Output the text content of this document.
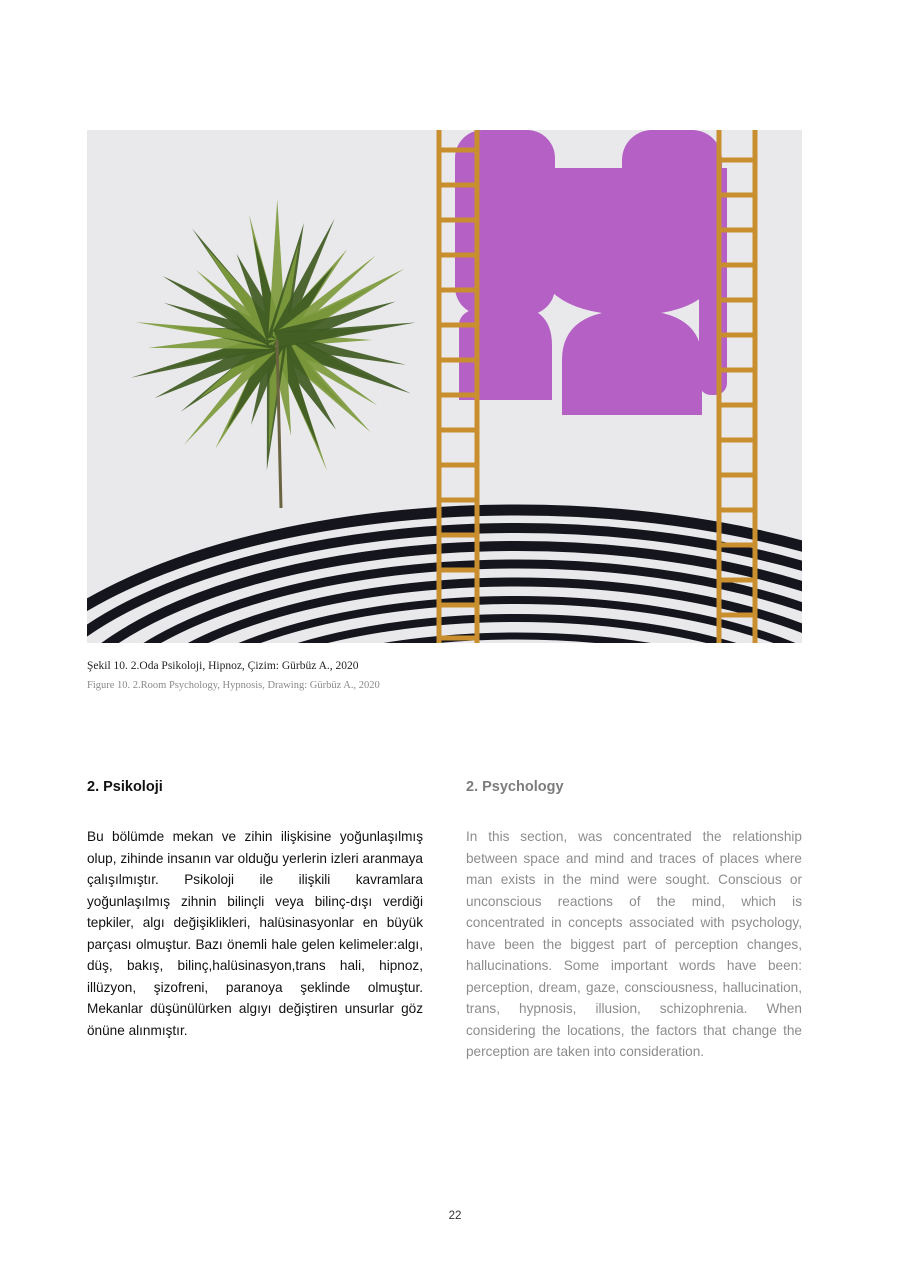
Şekil 10. 2.Oda Psikoloji, Hipnoz, Çizim: Gürbüz A., 2020
Figure 10. 2.Room Psychology, Hypnosis, Drawing: Gürbüz A., 2020
2. Psikoloji

Bu bölümde mekan ve zihin ilişkisine yoğunlaşılmış olup, zihinde insanın var olduğu yerlerin izleri aranmaya çalışılmıştır. Psikoloji ile ilişkili kavramlara yoğunlaşılmış zihnin bilinçli veya bilinç-dışı verdiği tepkiler, algı değişiklikleri, halüsinasyonlar en büyük parçası olmuştur. Bazı önemli hale gelen kelimeler:algı, düş, bakış, bilinç,halüsinasyon,trans hali, hipnoz, illüzyon, şizofreni, paranoya şeklinde olmuştur. Mekanlar düşünülürken algıyı değiştiren unsurlar göz önüne alınmıştır.

2. Psychology

In this section, was concentrated the relationship between space and mind and traces of places where man exists in the mind were sought. Conscious or unconscious reactions of the mind, which is concentrated in concepts associated with psychology, have been the biggest part of perception changes, hallucinations. Some important words have been: perception, dream, gaze, consciousness, hallucination, trans, hypnosis, illusion, schizophrenia. When considering the locations, the factors that change the perception are taken into consideration.

22
